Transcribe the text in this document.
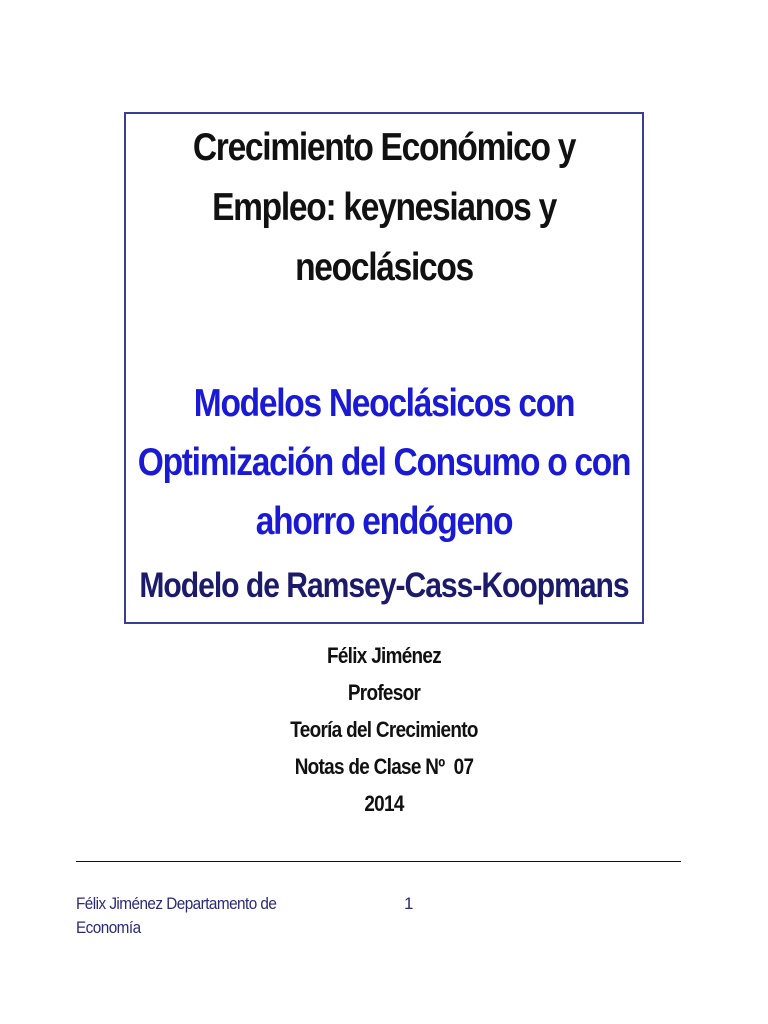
Crecimiento Económico y
Empleo: keynesianos y
neoclásicos
Modelos Neoclásicos con
Optimización del Consumo o con
ahorro endógeno
Modelo de Ramsey-Cass-Koopmans
Félix Jiménez
Profesor
Teoría del Crecimiento
Notas de Clase Nº  07
2014
Félix Jiménez Departamento de
Economía
1
